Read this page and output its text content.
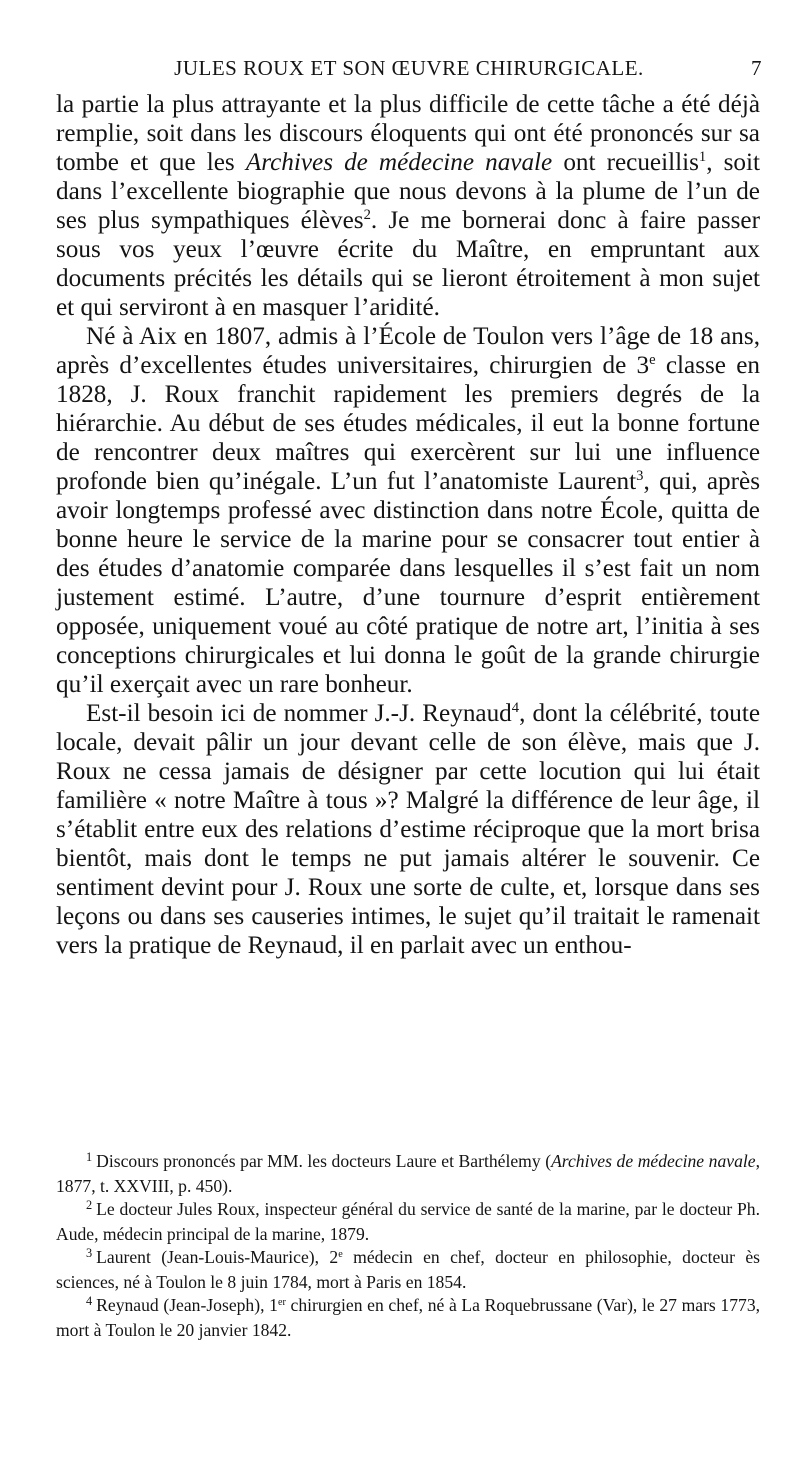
JULES ROUX ET SON ŒUVRE CHIRURGICALE.	7

la partie la plus attrayante et la plus difficile de cette tâche a été déjà remplie, soit dans les discours éloquents qui ont été prononcés sur sa tombe et que les Archives de médecine navale ont recueillis$^1$, soit dans l’excellente biographie que nous devons à la plume de l’un de ses plus sympathiques élèves$^2$. Je me bornerai donc à faire passer sous vos yeux l’œuvre écrite du Maître, en empruntant aux documents précités les détails qui se lieront étroitement à mon sujet et qui serviront à en masquer l’aridité.

Né à Aix en 1807, admis à l’École de Toulon vers l’âge de 18 ans, après d’excellentes études universitaires, chirurgien de 3e classe en 1828, J. Roux franchit rapidement les premiers degrés de la hiérarchie. Au début de ses études médicales, il eut la bonne fortune de rencontrer deux maîtres qui exercèrent sur lui une influence profonde bien qu’inégale. L’un fut l’anatomiste Laurent$^3$, qui, après avoir longtemps professé avec distinction dans notre École, quitta de bonne heure le service de la marine pour se consacrer tout entier à des études d’anatomie comparée dans lesquelles il s’est fait un nom justement estimé. L’autre, d’une tournure d’esprit entièrement opposée, uniquement voué au côté pratique de notre art, l’initia à ses conceptions chirurgicales et lui donna le goût de la grande chirurgie qu’il exerçait avec un rare bonheur.

Est-il besoin ici de nommer J.-J. Reynaud$^4$, dont la célébrité, toute locale, devait pâlir un jour devant celle de son élève, mais que J. Roux ne cessa jamais de désigner par cette locution qui lui était familière « notre Maître à tous »? Malgré la différence de leur âge, il s’établit entre eux des relations d’estime réciproque que la mort brisa bientôt, mais dont le temps ne put jamais altérer le souvenir. Ce sentiment devint pour J. Roux une sorte de culte, et, lorsque dans ses leçons ou dans ses causeries intimes, le sujet qu’il traitait le ramenait vers la pratique de Reynaud, il en parlait avec un enthou-

$^1$ Discours prononcés par MM. les docteurs Laure et Barthélemy (Archives de médecine navale, 1877, t. XXVIII, p. 450).

$^2$ Le docteur Jules Roux, inspecteur général du service de santé de la marine, par le docteur Ph. Aude, médecin principal de la marine, 1879.

$^3$ Laurent (Jean-Louis-Maurice), 2e médecin en chef, docteur en philosophie, docteur ès sciences, né à Toulon le 8 juin 1784, mort à Paris en 1854.

$^4$ Reynaud (Jean-Joseph), 1er chirurgien en chef, né à La Roquebrussane (Var), le 27 mars 1773, mort à Toulon le 20 janvier 1842.
